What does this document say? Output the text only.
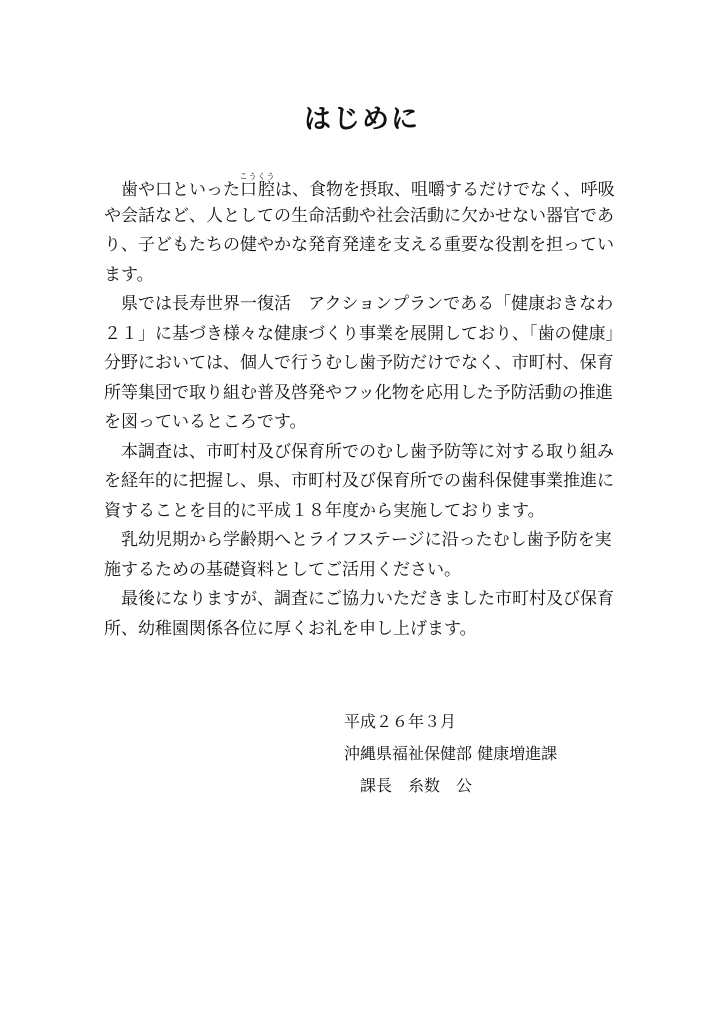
はじめに
歯や口といった口腔こうくうは、食物を摂取、咀嚼するだけでなく、呼吸
や会話など、人としての生命活動や社会活動に欠かせない器官であ
り、子どもたちの健やかな発育発達を支える重要な役割を担ってい
ます。
県では長寿世界一復活　アクションプランである「健康おきなわ
２１」に基づき様々な健康づくり事業を展開しており、「歯の健康」
分野においては、個人で行うむし歯予防だけでなく、市町村、保育
所等集団で取り組む普及啓発やフッ化物を応用した予防活動の推進
を図っているところです。
本調査は、市町村及び保育所でのむし歯予防等に対する取り組み
を経年的に把握し、県、市町村及び保育所での歯科保健事業推進に
資することを目的に平成１８年度から実施しております。
乳幼児期から学齢期へとライフステージに沿ったむし歯予防を実
施するための基礎資料としてご活用ください。
最後になりますが、調査にご協力いただきました市町村及び保育
所、幼稚園関係各位に厚くお礼を申し上げます。
平成２６年３月
沖縄県福祉保健部 健康増進課
課長　糸数　公
